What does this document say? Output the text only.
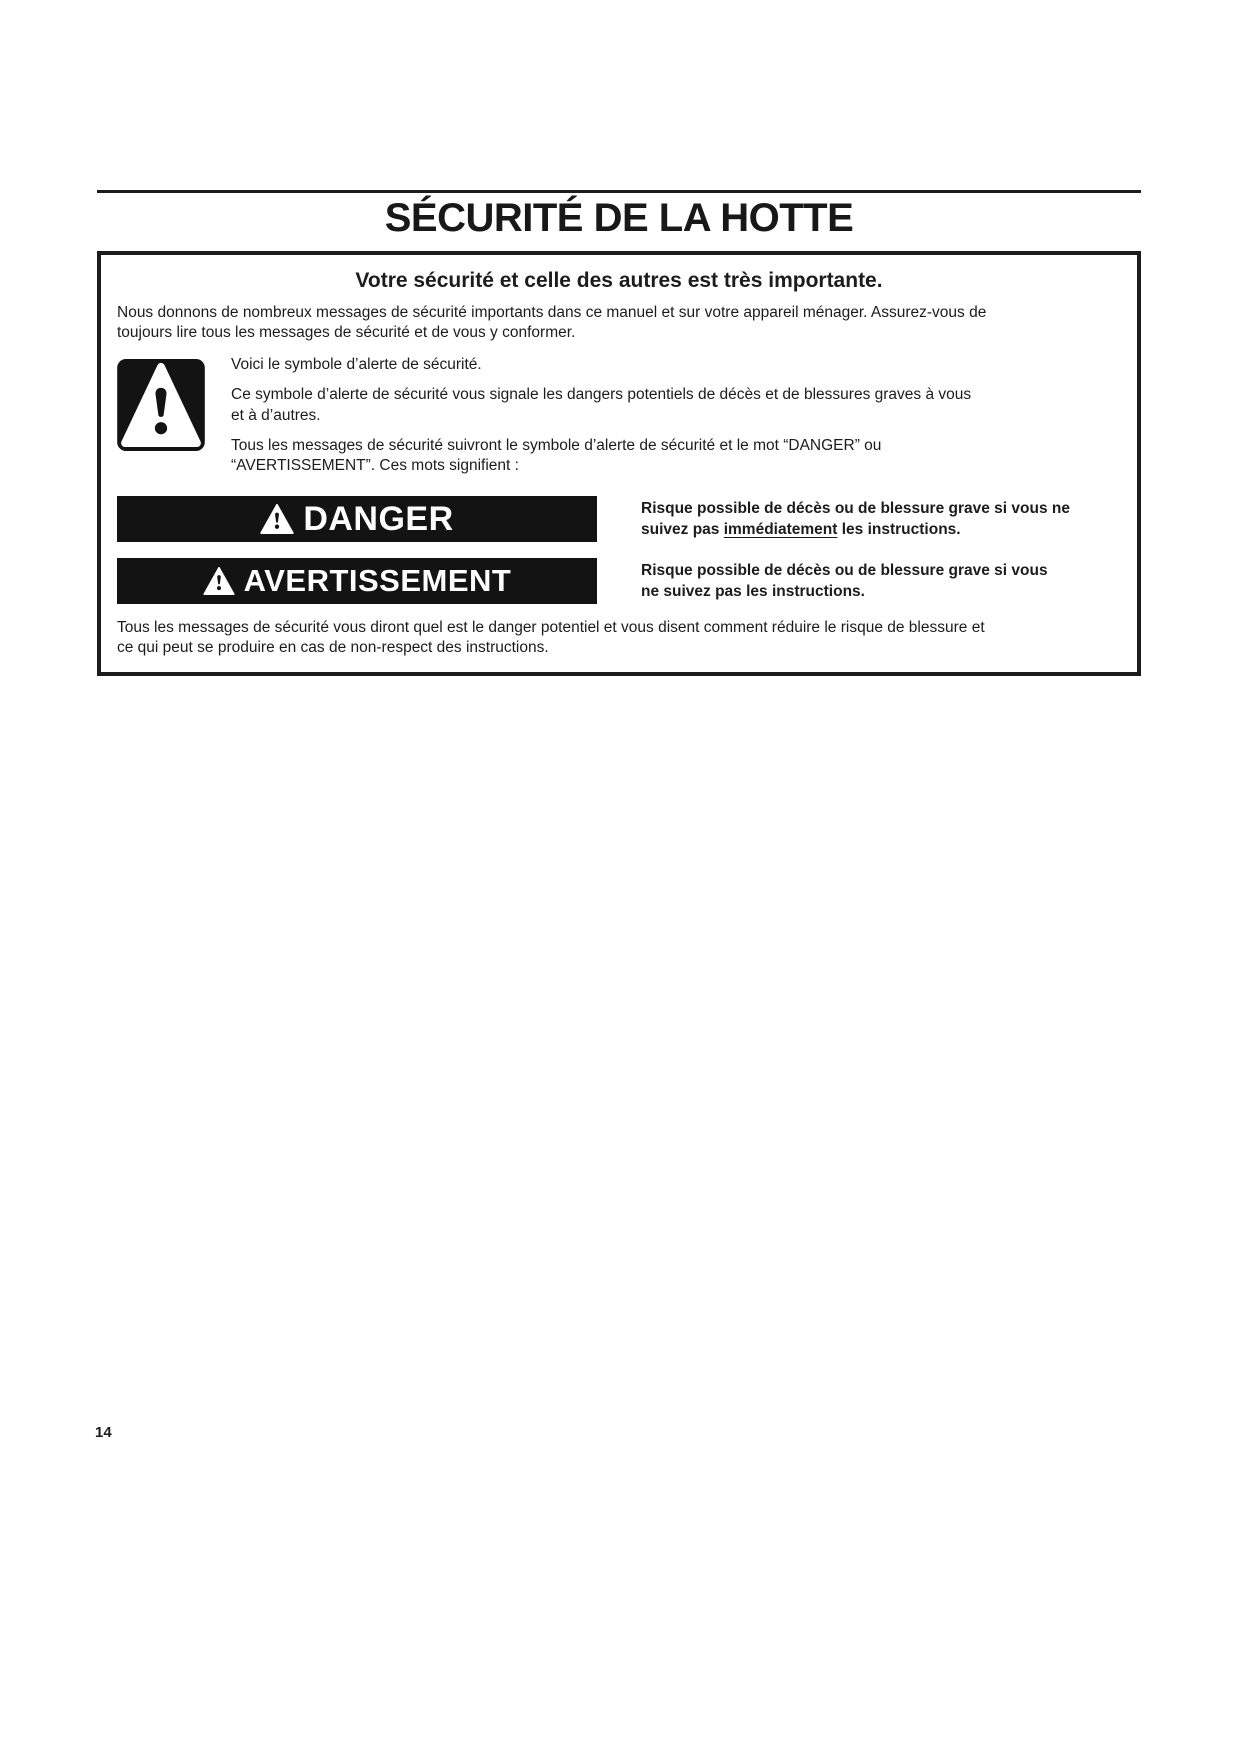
SÉCURITÉ DE LA HOTTE
Votre sécurité et celle des autres est très importante.
Nous donnons de nombreux messages de sécurité importants dans ce manuel et sur votre appareil ménager. Assurez-vous de
toujours lire tous les messages de sécurité et de vous y conformer.

Voici le symbole d’alerte de sécurité.

Ce symbole d’alerte de sécurité vous signale les dangers potentiels de décès et de blessures graves à vous
et à d’autres.

Tous les messages de sécurité suivront le symbole d’alerte de sécurité et le mot “DANGER” ou
“AVERTISSEMENT”. Ces mots signifient :

DANGER	Risque possible de décès ou de blessure grave si vous ne
suivez pas immédiatement les instructions.
AVERTISSEMENT	Risque possible de décès ou de blessure grave si vous
ne suivez pas les instructions.
Tous les messages de sécurité vous diront quel est le danger potentiel et vous disent comment réduire le risque de blessure et
ce qui peut se produire en cas de non-respect des instructions.
14
